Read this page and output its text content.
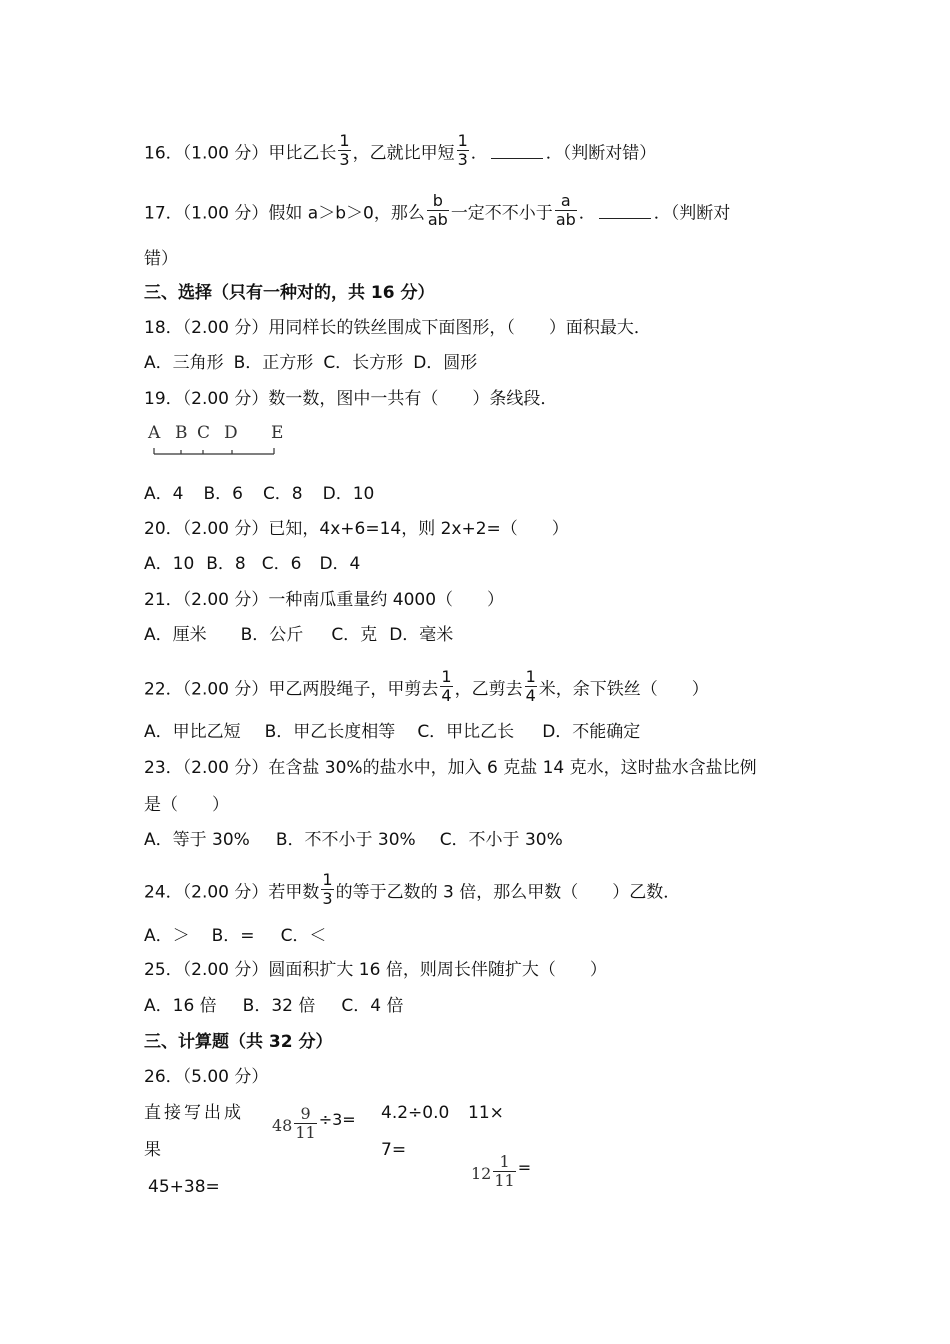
16．（1.00 分）甲比乙长 $\frac{1}{3}$ ，乙就比甲短 $\frac{1}{3}$ ．	．（判断对错）
17．（1.00 分）假如 a＞b＞0，那么 $\frac{b}{ab}$ 一定不不小于 $\frac{a}{ab}$ ．	．（判断对
错）
三、选择（只有一种对的，共 16 分）
18．（2.00 分）用同样长的铁丝围成下面图形，（　　）面积最大．
A．三角形 B．正方形 C．长方形 D．圆形
19．（2.00 分）数一数，图中一共有（　　）条线段．
A B C D E
A．4 B．6 C．8 D．10
20．（2.00 分）已知，4x+6=14，则 2x+2=（　　）
A．10 B．8 C．6 D．4
21．（2.00 分）一种南瓜重量约 4000（　　）
A．厘米 B．公斤 C．克 D．毫米
22．（2.00 分）甲乙两股绳子，甲剪去 $\frac{1}{4}$ ，乙剪去 $\frac{1}{4}$ 米，余下铁丝（　　）
A．甲比乙短 B．甲乙长度相等 C．甲比乙长 D．不能确定
23．（2.00 分）在含盐 30%的盐水中，加入 6 克盐 14 克水，这时盐水含盐比例
是（　　）
A．等于 30% B．不不小于 30% C．不小于 30%
24．（2.00 分）若甲数 $\frac{1}{3}$ 的等于乙数的 3 倍，那么甲数（　　）乙数．
A．＞ B．= C．＜
25．（2.00 分）圆面积扩大 16 倍，则周长伴随扩大（　　）
A．16 倍 B．32 倍 C．4 倍
三、计算题（共 32 分）
26．（5.00 分）
直接写出成
果
$48 \frac{9}{11} \div 3= 4.2\div 0.0$
7=
11×
$12 \frac{1}{11}$ =
45+38=
